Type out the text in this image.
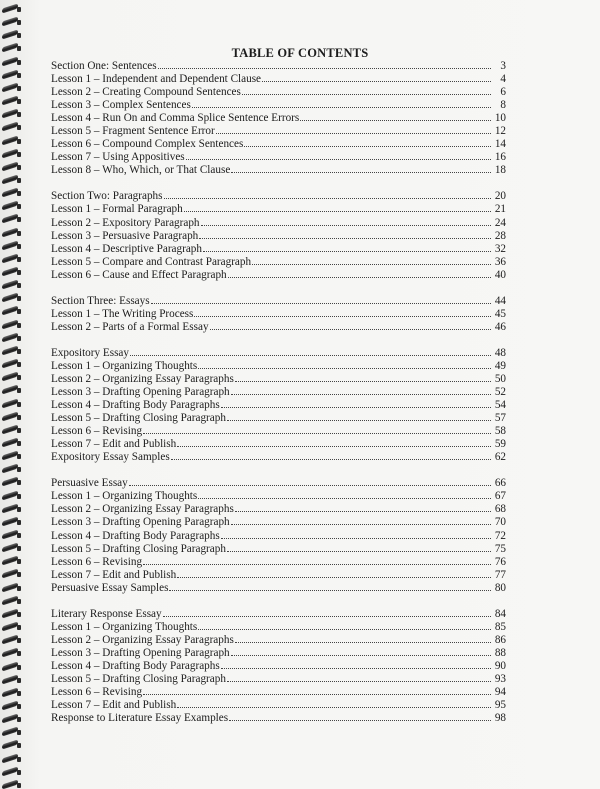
TABLE OF CONTENTS
Section One: Sentences	3
Lesson 1 – Independent and Dependent Clause	4
Lesson 2 – Creating Compound Sentences	6
Lesson 3 – Complex Sentences	8
Lesson 4 – Run On and Comma Splice Sentence Errors	10
Lesson 5 – Fragment Sentence Error	12
Lesson 6 – Compound Complex Sentences	14
Lesson 7 – Using Appositives	16
Lesson 8 – Who, Which, or That Clause	18
Section Two: Paragraphs	20
Lesson 1 – Formal Paragraph	21
Lesson 2 – Expository Paragraph	24
Lesson 3 – Persuasive Paragraph	28
Lesson 4 – Descriptive Paragraph	32
Lesson 5 – Compare and Contrast Paragraph	36
Lesson 6 – Cause and Effect Paragraph	40
Section Three: Essays	44
Lesson 1 – The Writing Process	45
Lesson 2 – Parts of a Formal Essay	46
Expository Essay	48
Lesson 1 – Organizing Thoughts	49
Lesson 2 – Organizing Essay Paragraphs	50
Lesson 3 – Drafting Opening Paragraph	52
Lesson 4 – Drafting Body Paragraphs	54
Lesson 5 – Drafting Closing Paragraph	57
Lesson 6 – Revising	58
Lesson 7 – Edit and Publish	59
Expository Essay Samples	62
Persuasive Essay	66
Lesson 1 – Organizing Thoughts	67
Lesson 2 – Organizing Essay Paragraphs	68
Lesson 3 – Drafting Opening Paragraph	70
Lesson 4 – Drafting Body Paragraphs	72
Lesson 5 – Drafting Closing Paragraph	75
Lesson 6 – Revising	76
Lesson 7 – Edit and Publish	77
Persuasive Essay Samples	80
Literary Response Essay	84
Lesson 1 – Organizing Thoughts	85
Lesson 2 – Organizing Essay Paragraphs	86
Lesson 3 – Drafting Opening Paragraph	88
Lesson 4 – Drafting Body Paragraphs	90
Lesson 5 – Drafting Closing Paragraph	93
Lesson 6 – Revising	94
Lesson 7 – Edit and Publish	95
Response to Literature Essay Examples	98
